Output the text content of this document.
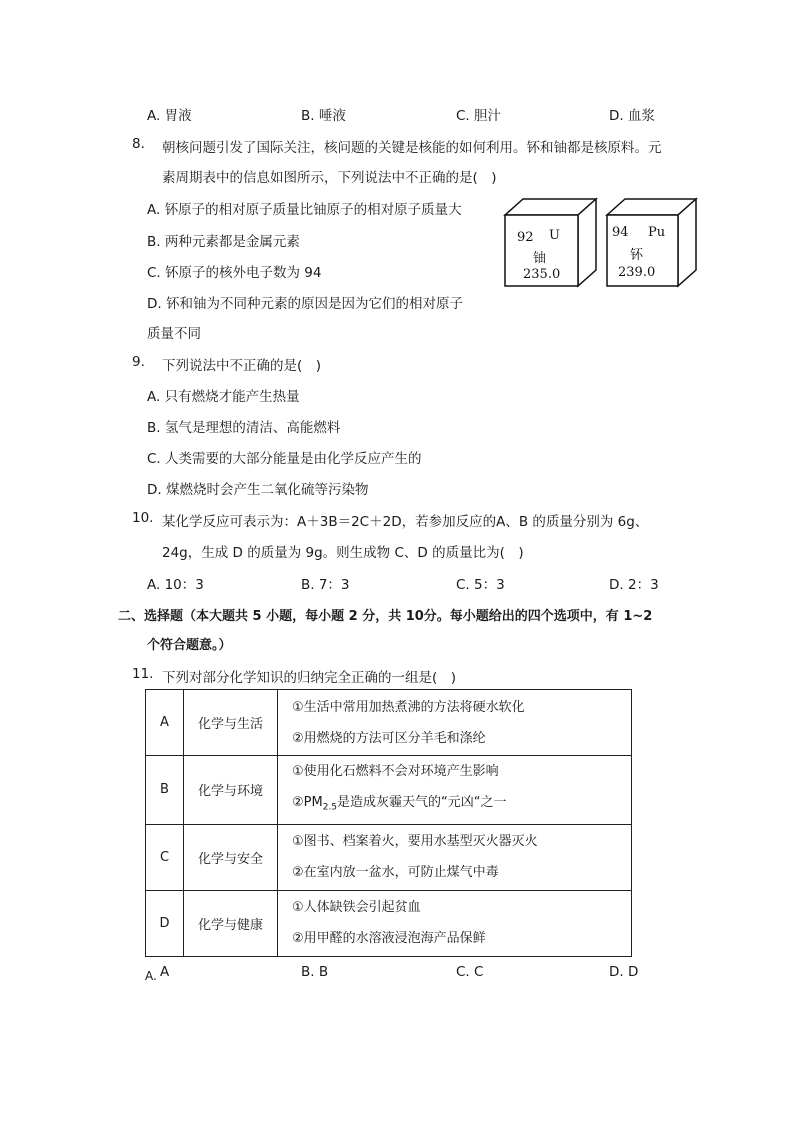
A. 胃液	B. 唾液	C. 胆汁	D. 血浆
8. 朝核问题引发了国际关注，核问题的关键是核能的如何利用。钚和铀都是核原料。元
素周期表中的信息如图所示，下列说法中不正确的是(　)
A. 钚原子的相对原子质量比铀原子的相对原子质量大
B. 两种元素都是金属元素
C. 钚原子的核外电子数为 94
D. 钚和铀为不同种元素的原因是因为它们的相对原子
质量不同
92 U
铀
235.0
94 Pu
钚
239.0
9. 下列说法中不正确的是(　)
A. 只有燃烧才能产生热量
B. 氢气是理想的清洁、高能燃料
C. 人类需要的大部分能量是由化学反应产生的
D. 煤燃烧时会产生二氧化硫等污染物
10. 某化学反应可表示为：A＋3B＝2C＋2D，若参加反应的A、B 的质量分别为 6g、
24g，生成 D 的质量为 9g。则生成物 C、D 的质量比为(　)
A. 10：3	B. 7：3	C. 5：3	D. 2：3
二、选择题（本大题共 5 小题，每小题 2 分，共 10分。每小题给出的四个选项中，有 1~2
个符合题意。）
11. 下列对部分化学知识的归纳完全正确的一组是(　)
A	化学与生活	①生活中常用加热煮沸的方法将硬水软化
②用燃烧的方法可区分羊毛和涤纶

B	化学与环境	①使用化石燃料不会对环境产生影响
$②PM_{2.5}$是造成灰霾天气的“元凶“之一

C	化学与安全	①图书、档案着火，要用水基型灭火器灭火
②在室内放一盆水，可防止煤气中毒

D	化学与健康	①人体缺铁会引起贫血
②用甲醛的水溶液浸泡海产品保鲜
A. A	B. B	C. C	D. D
